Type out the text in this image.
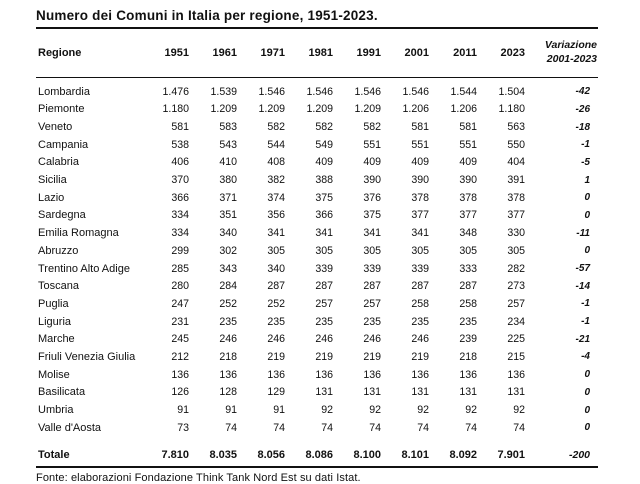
Numero dei Comuni in Italia per regione, 1951-2023.
Regione	1951	1961	1971	1981	1991	2001	2011	2023	Variazione
2001-2023
Lombardia	1.476	1.539	1.546	1.546	1.546	1.546	1.544	1.504	-42
Piemonte	1.180	1.209	1.209	1.209	1.209	1.206	1.206	1.180	-26
Veneto	581	583	582	582	582	581	581	563	-18
Campania	538	543	544	549	551	551	551	550	-1
Calabria	406	410	408	409	409	409	409	404	-5
Sicilia	370	380	382	388	390	390	390	391	1
Lazio	366	371	374	375	376	378	378	378	0
Sardegna	334	351	356	366	375	377	377	377	0
Emilia Romagna	334	340	341	341	341	341	348	330	-11
Abruzzo	299	302	305	305	305	305	305	305	0
Trentino Alto Adige	285	343	340	339	339	339	333	282	-57
Toscana	280	284	287	287	287	287	287	273	-14
Puglia	247	252	252	257	257	258	258	257	-1
Liguria	231	235	235	235	235	235	235	234	-1
Marche	245	246	246	246	246	246	239	225	-21
Friuli Venezia Giulia	212	218	219	219	219	219	218	215	-4
Molise	136	136	136	136	136	136	136	136	0
Basilicata	126	128	129	131	131	131	131	131	0
Umbria	91	91	91	92	92	92	92	92	0
Valle d'Aosta	73	74	74	74	74	74	74	74	0
Totale	7.810	8.035	8.056	8.086	8.100	8.101	8.092	7.901	-200
Fonte: elaborazioni Fondazione Think Tank Nord Est su dati Istat.
